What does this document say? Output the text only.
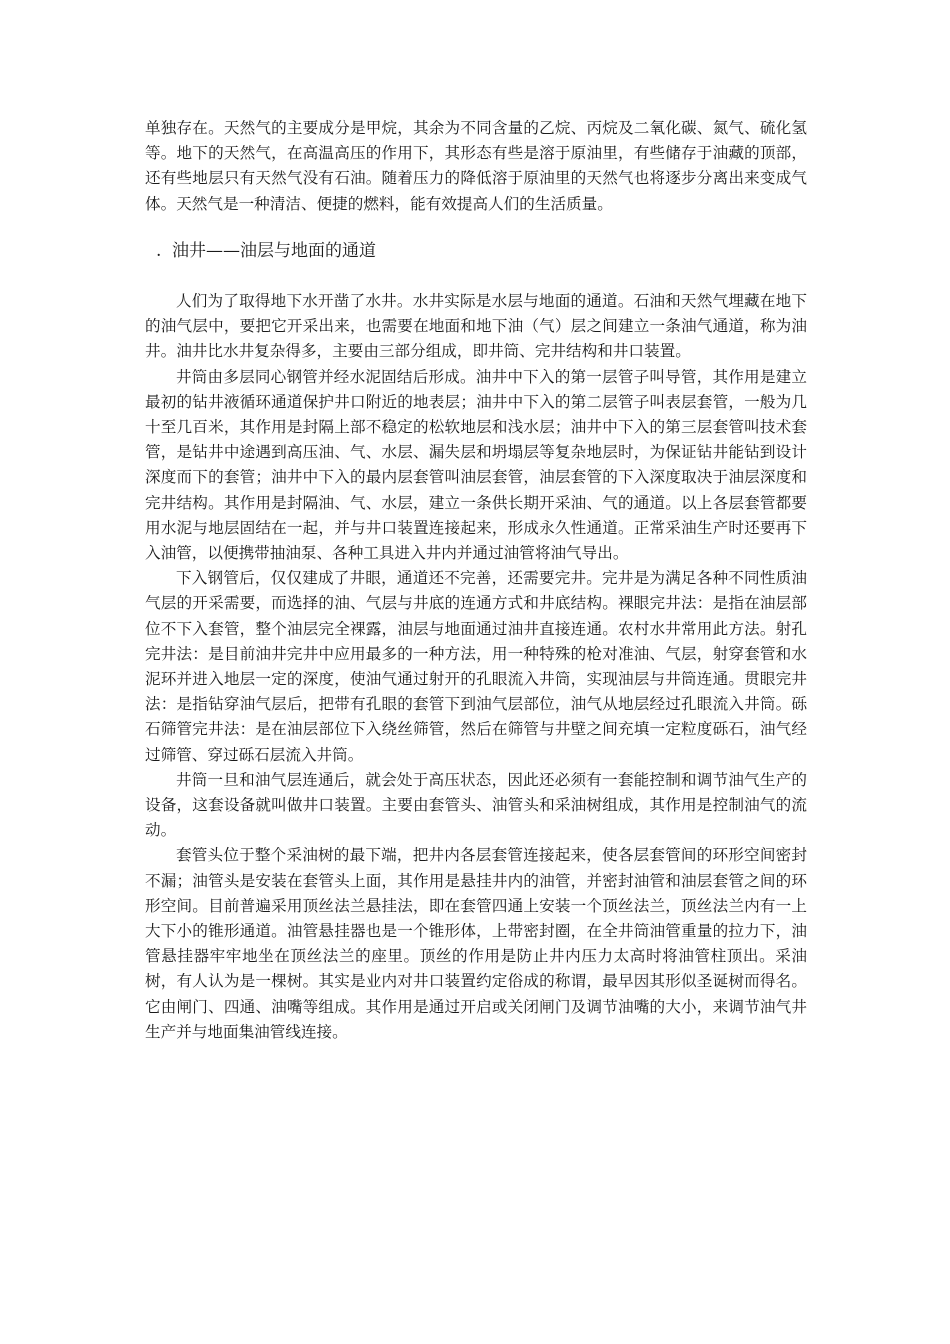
单独存在。天然气的主要成分是甲烷，其余为不同含量的乙烷、丙烷及二氧化碳、氮气、硫化氢等。地下的天然气，在高温高压的作用下，其形态有些是溶于原油里，有些储存于油藏的顶部，还有些地层只有天然气没有石油。随着压力的降低溶于原油里的天然气也将逐步分离出来变成气体。天然气是一种清洁、便捷的燃料，能有效提高人们的生活质量。

. 油井——油层与地面的通道

人们为了取得地下水开凿了水井。水井实际是水层与地面的通道。石油和天然气埋藏在地下的油气层中，要把它开采出来，也需要在地面和地下油（气）层之间建立一条油气通道，称为油井。油井比水井复杂得多，主要由三部分组成，即井筒、完井结构和井口装置。

井筒由多层同心钢管并经水泥固结后形成。油井中下入的第一层管子叫导管，其作用是建立最初的钻井液循环通道保护井口附近的地表层；油井中下入的第二层管子叫表层套管，一般为几十至几百米，其作用是封隔上部不稳定的松软地层和浅水层；油井中下入的第三层套管叫技术套管，是钻井中途遇到高压油、气、水层、漏失层和坍塌层等复杂地层时，为保证钻井能钻到设计深度而下的套管；油井中下入的最内层套管叫油层套管，油层套管的下入深度取决于油层深度和完井结构。其作用是封隔油、气、水层，建立一条供长期开采油、气的通道。以上各层套管都要用水泥与地层固结在一起，并与井口装置连接起来，形成永久性通道。正常采油生产时还要再下入油管，以便携带抽油泵、各种工具进入井内并通过油管将油气导出。

下入钢管后，仅仅建成了井眼，通道还不完善，还需要完井。完井是为满足各种不同性质油气层的开采需要，而选择的油、气层与井底的连通方式和井底结构。裸眼完井法：是指在油层部位不下入套管，整个油层完全裸露，油层与地面通过油井直接连通。农村水井常用此方法。射孔完井法：是目前油井完井中应用最多的一种方法，用一种特殊的枪对准油、气层，射穿套管和水泥环并进入地层一定的深度，使油气通过射开的孔眼流入井筒，实现油层与井筒连通。贯眼完井法：是指钻穿油气层后，把带有孔眼的套管下到油气层部位，油气从地层经过孔眼流入井筒。砾石筛管完井法：是在油层部位下入绕丝筛管，然后在筛管与井壁之间充填一定粒度砾石，油气经过筛管、穿过砾石层流入井筒。

井筒一旦和油气层连通后，就会处于高压状态，因此还必须有一套能控制和调节油气生产的设备，这套设备就叫做井口装置。主要由套管头、油管头和采油树组成，其作用是控制油气的流动。

套管头位于整个采油树的最下端，把井内各层套管连接起来，使各层套管间的环形空间密封不漏；油管头是安装在套管头上面，其作用是悬挂井内的油管，并密封油管和油层套管之间的环形空间。目前普遍采用顶丝法兰悬挂法，即在套管四通上安装一个顶丝法兰，顶丝法兰内有一上大下小的锥形通道。油管悬挂器也是一个锥形体，上带密封圈，在全井筒油管重量的拉力下，油管悬挂器牢牢地坐在顶丝法兰的座里。顶丝的作用是防止井内压力太高时将油管柱顶出。采油树，有人认为是一棵树。其实是业内对井口装置约定俗成的称谓，最早因其形似圣诞树而得名。它由闸门、四通、油嘴等组成。其作用是通过开启或关闭闸门及调节油嘴的大小，来调节油气井生产并与地面集油管线连接。
